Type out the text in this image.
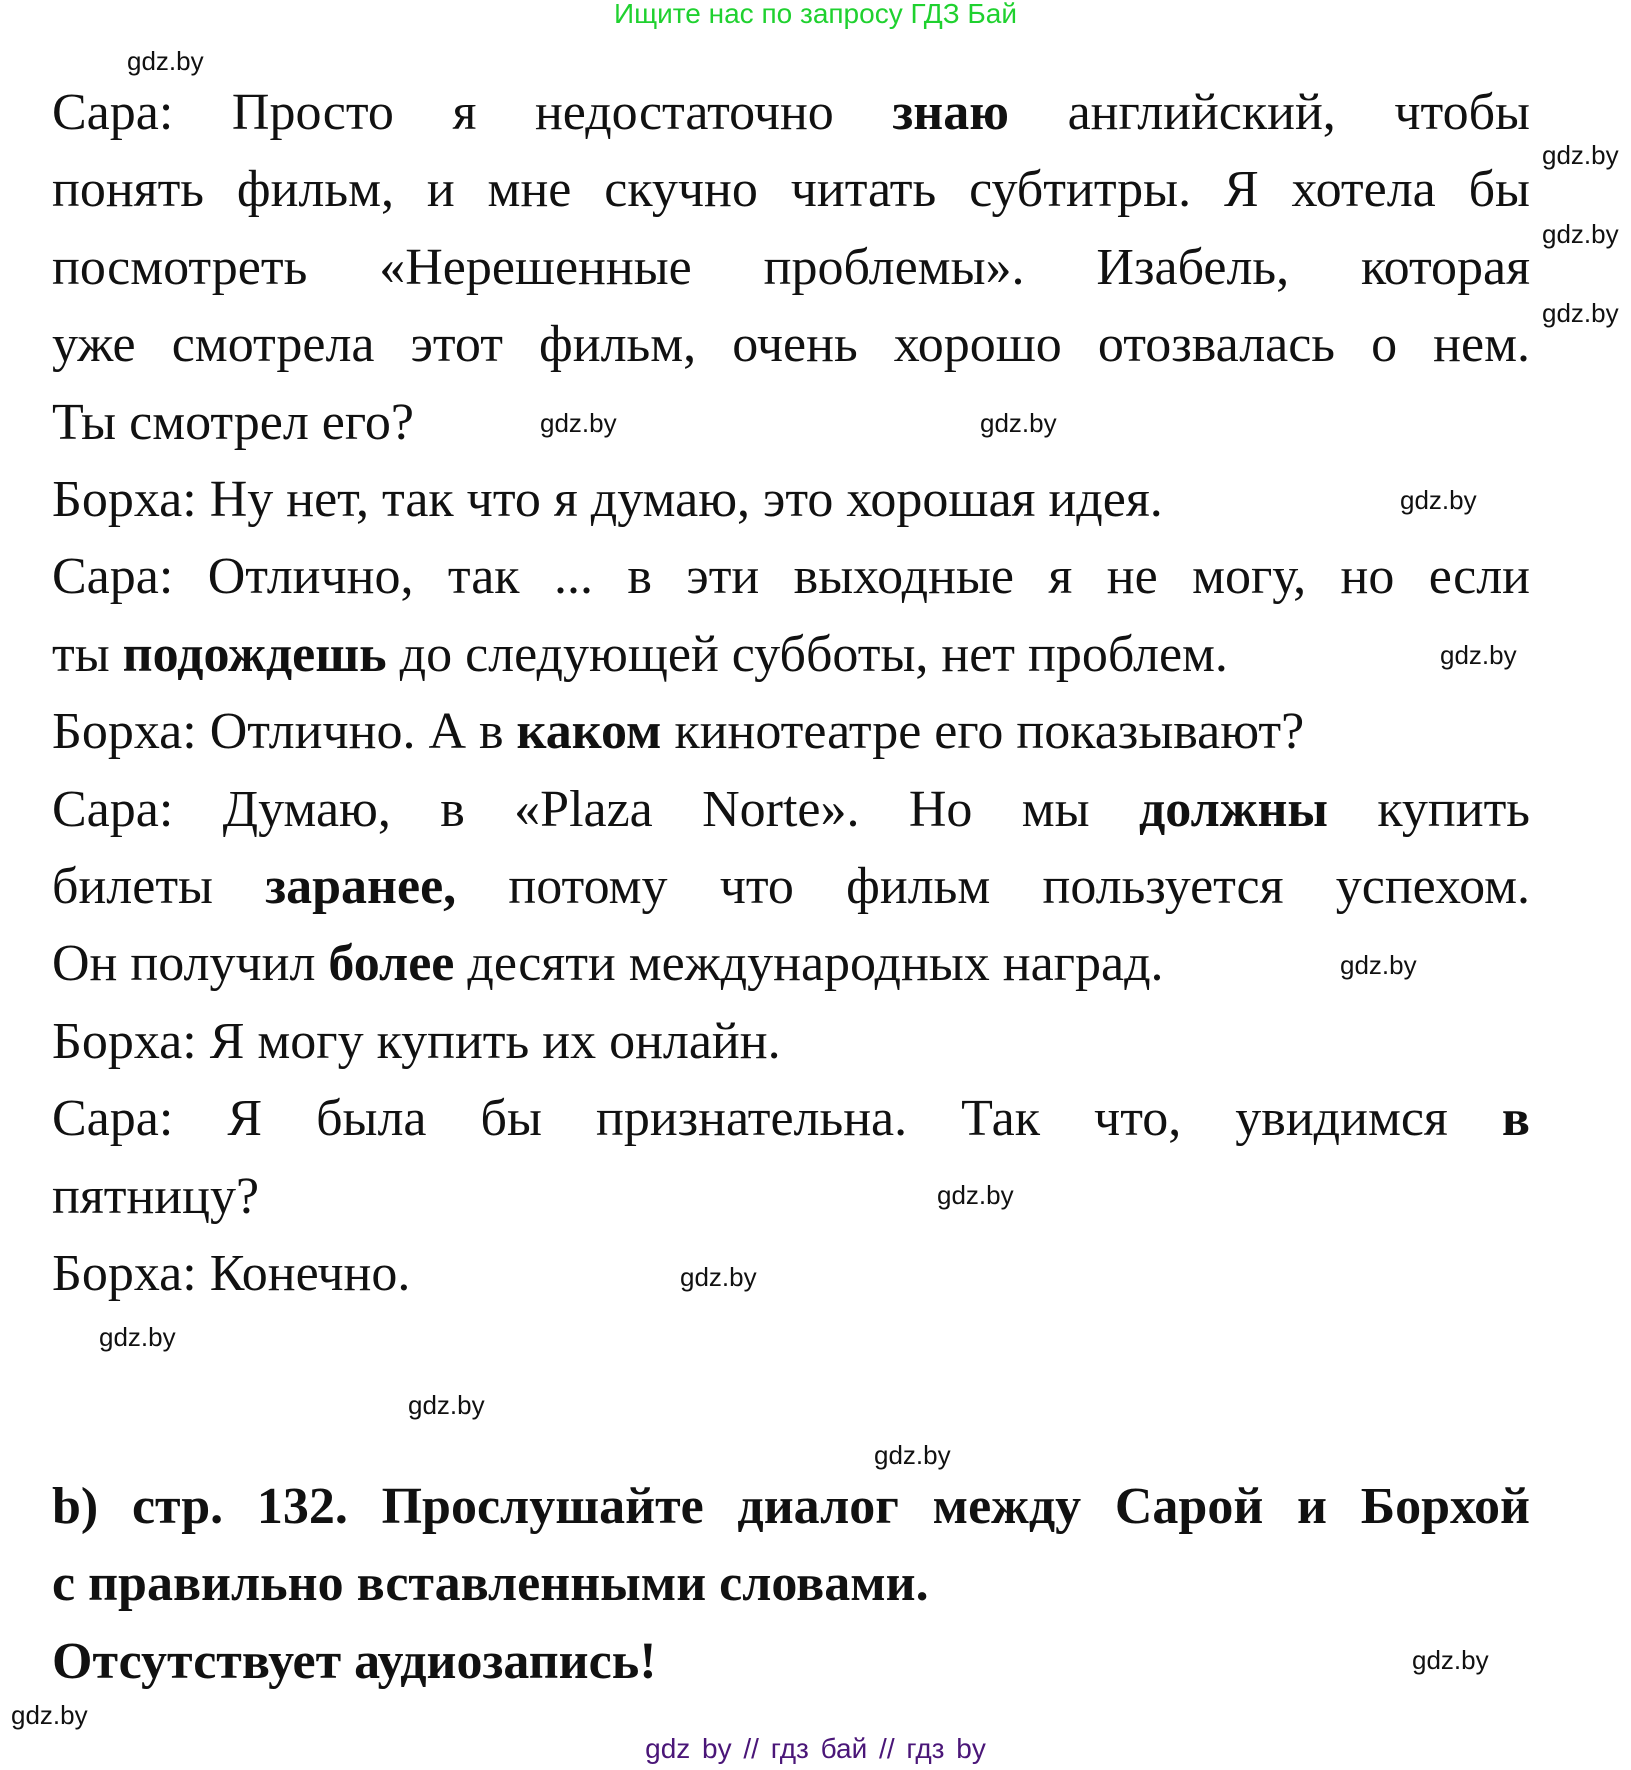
Ищите нас по запросу ГДЗ Бай
Сара: Просто я недостаточно знаю английский, чтобы
понять фильм, и мне скучно читать субтитры. Я хотела бы
посмотреть «Нерешенные проблемы». Изабель, которая
уже смотрела этот фильм, очень хорошо отозвалась о нем.
Ты смотрел его?
Борха: Ну нет, так что я думаю, это хорошая идея.
Сара: Отлично, так ... в эти выходные я не могу, но если
ты подождешь до следующей субботы, нет проблем.
Борха: Отлично. А в каком кинотеатре его показывают?
Сара: Думаю, в «Plaza Norte». Но мы должны купить
билеты заранее, потому что фильм пользуется успехом.
Он получил более десяти международных наград.
Борха: Я могу купить их онлайн.
Сара: Я была бы признательна. Так что, увидимся в
пятницу?
Борха: Конечно.
b) стр. 132. Прослушайте диалог между Сарой и Борхой
с правильно вставленными словами.
Отсутствует аудиозапись!
gdz.by
gdz.by
gdz.by
gdz.by
gdz.by	gdz.by
gdz.by
gdz.by
gdz.by
gdz.by
gdz.by
gdz.by
gdz.by
gdz.by
gdz.by
gdz.by
gdz by // гдз бай // гдз by
